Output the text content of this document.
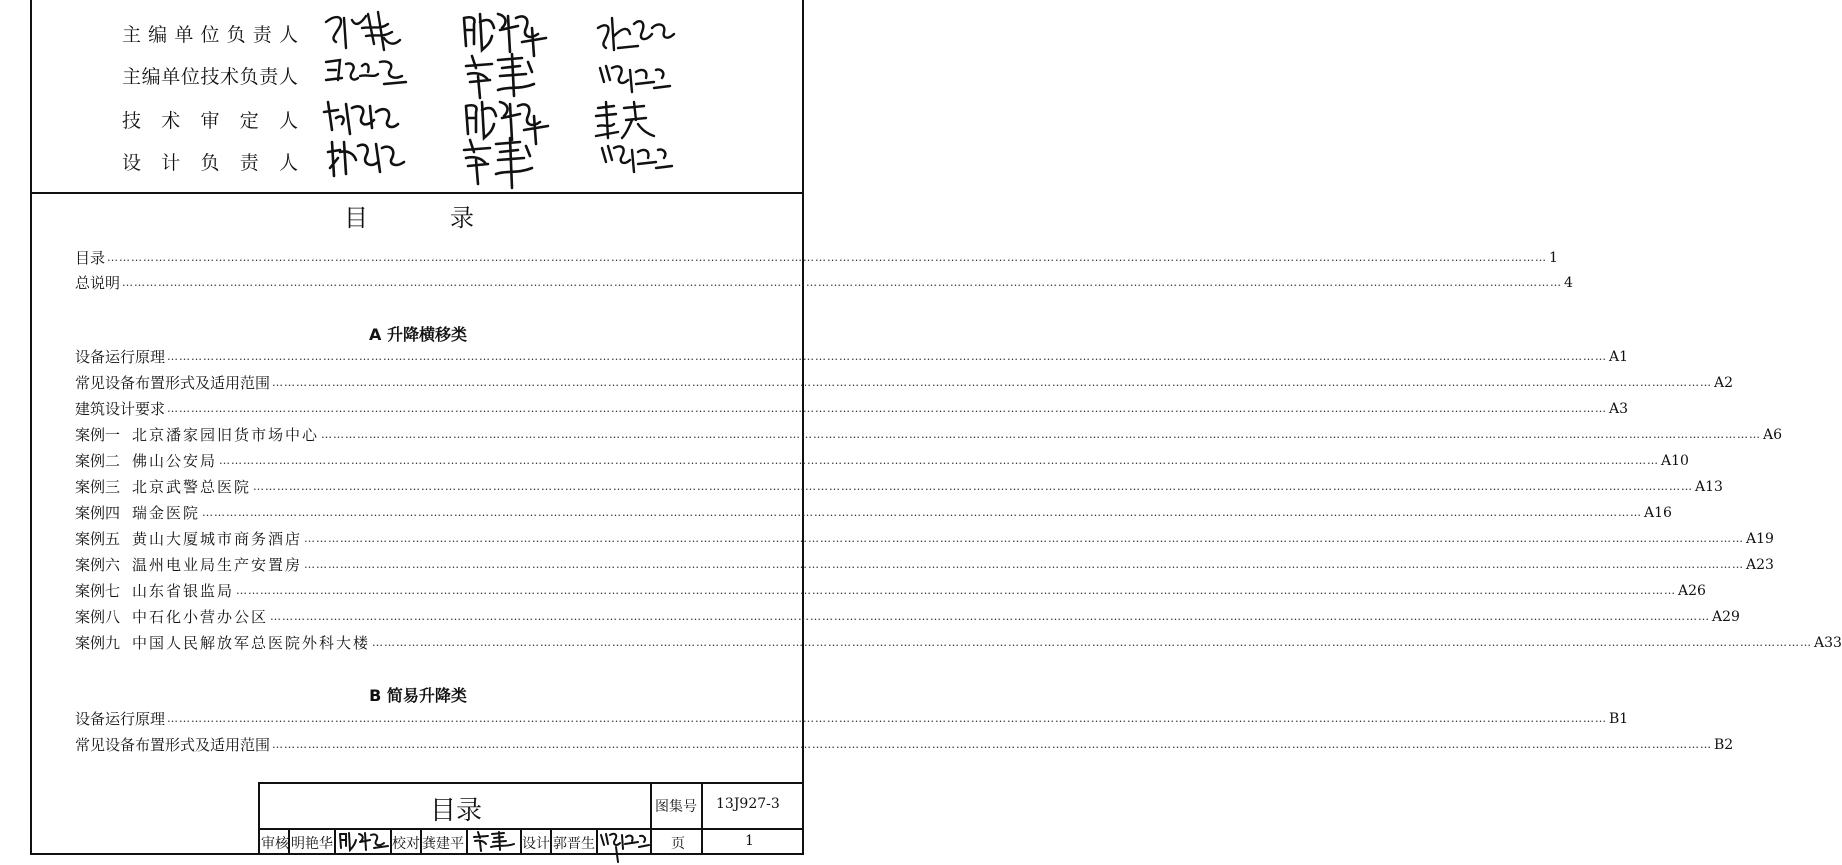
主 编 单 位 负 责 人
主 编 单 位 技 术 负 责 人
技 术 审 定 人
设 计 负 责 人
目	录
目录 ……………………………………………………………………………………………………………………………………………………………………………………………………………………………………………………………………………………………………………………………… 1
总说明 ……………………………………………………………………………………………………………………………………………………………………………………………………………………………………………………………………………………………………………………………… 4
A 升降横移类
设备运行原理 ……………………………………………………………………………………………………………………………………………………………………………………………………………………………………………………………………………………………………………………………… A1
常见设备布置形式及适用范围 ……………………………………………………………………………………………………………………………………………………………………………………………………………………………………………………………………………………………………………………………… A2
建筑设计要求 ……………………………………………………………………………………………………………………………………………………………………………………………………………………………………………………………………………………………………………………………… A3
案例一 北京潘家园旧货市场中心 ……………………………………………………………………………………………………………………………………………………………………………………………………………………………………………………………………………………………………………………………… A6
案例二 佛山公安局 ……………………………………………………………………………………………………………………………………………………………………………………………………………………………………………………………………………………………………………………………… A10
案例三 北京武警总医院 ……………………………………………………………………………………………………………………………………………………………………………………………………………………………………………………………………………………………………………………………… A13
案例四 瑞金医院 ……………………………………………………………………………………………………………………………………………………………………………………………………………………………………………………………………………………………………………………………… A16
案例五 黄山大厦城市商务酒店 ……………………………………………………………………………………………………………………………………………………………………………………………………………………………………………………………………………………………………………………………… A19
案例六 温州电业局生产安置房 ……………………………………………………………………………………………………………………………………………………………………………………………………………………………………………………………………………………………………………………………… A23
案例七 山东省银监局 ……………………………………………………………………………………………………………………………………………………………………………………………………………………………………………………………………………………………………………………………… A26
案例八 中石化小营办公区 ……………………………………………………………………………………………………………………………………………………………………………………………………………………………………………………………………………………………………………………………… A29
案例九 中国人民解放军总医院外科大楼 ……………………………………………………………………………………………………………………………………………………………………………………………………………………………………………………………………………………………………………………………… A33
B 简易升降类
设备运行原理 ……………………………………………………………………………………………………………………………………………………………………………………………………………………………………………………………………………………………………………………………… B1
常见设备布置形式及适用范围 ……………………………………………………………………………………………………………………………………………………………………………………………………………………………………………………………………………………………………………………………… B2
目录	图集号 13J927-3
审核 明艳华	校对 龚建平	设计 郭晋生	页	1
